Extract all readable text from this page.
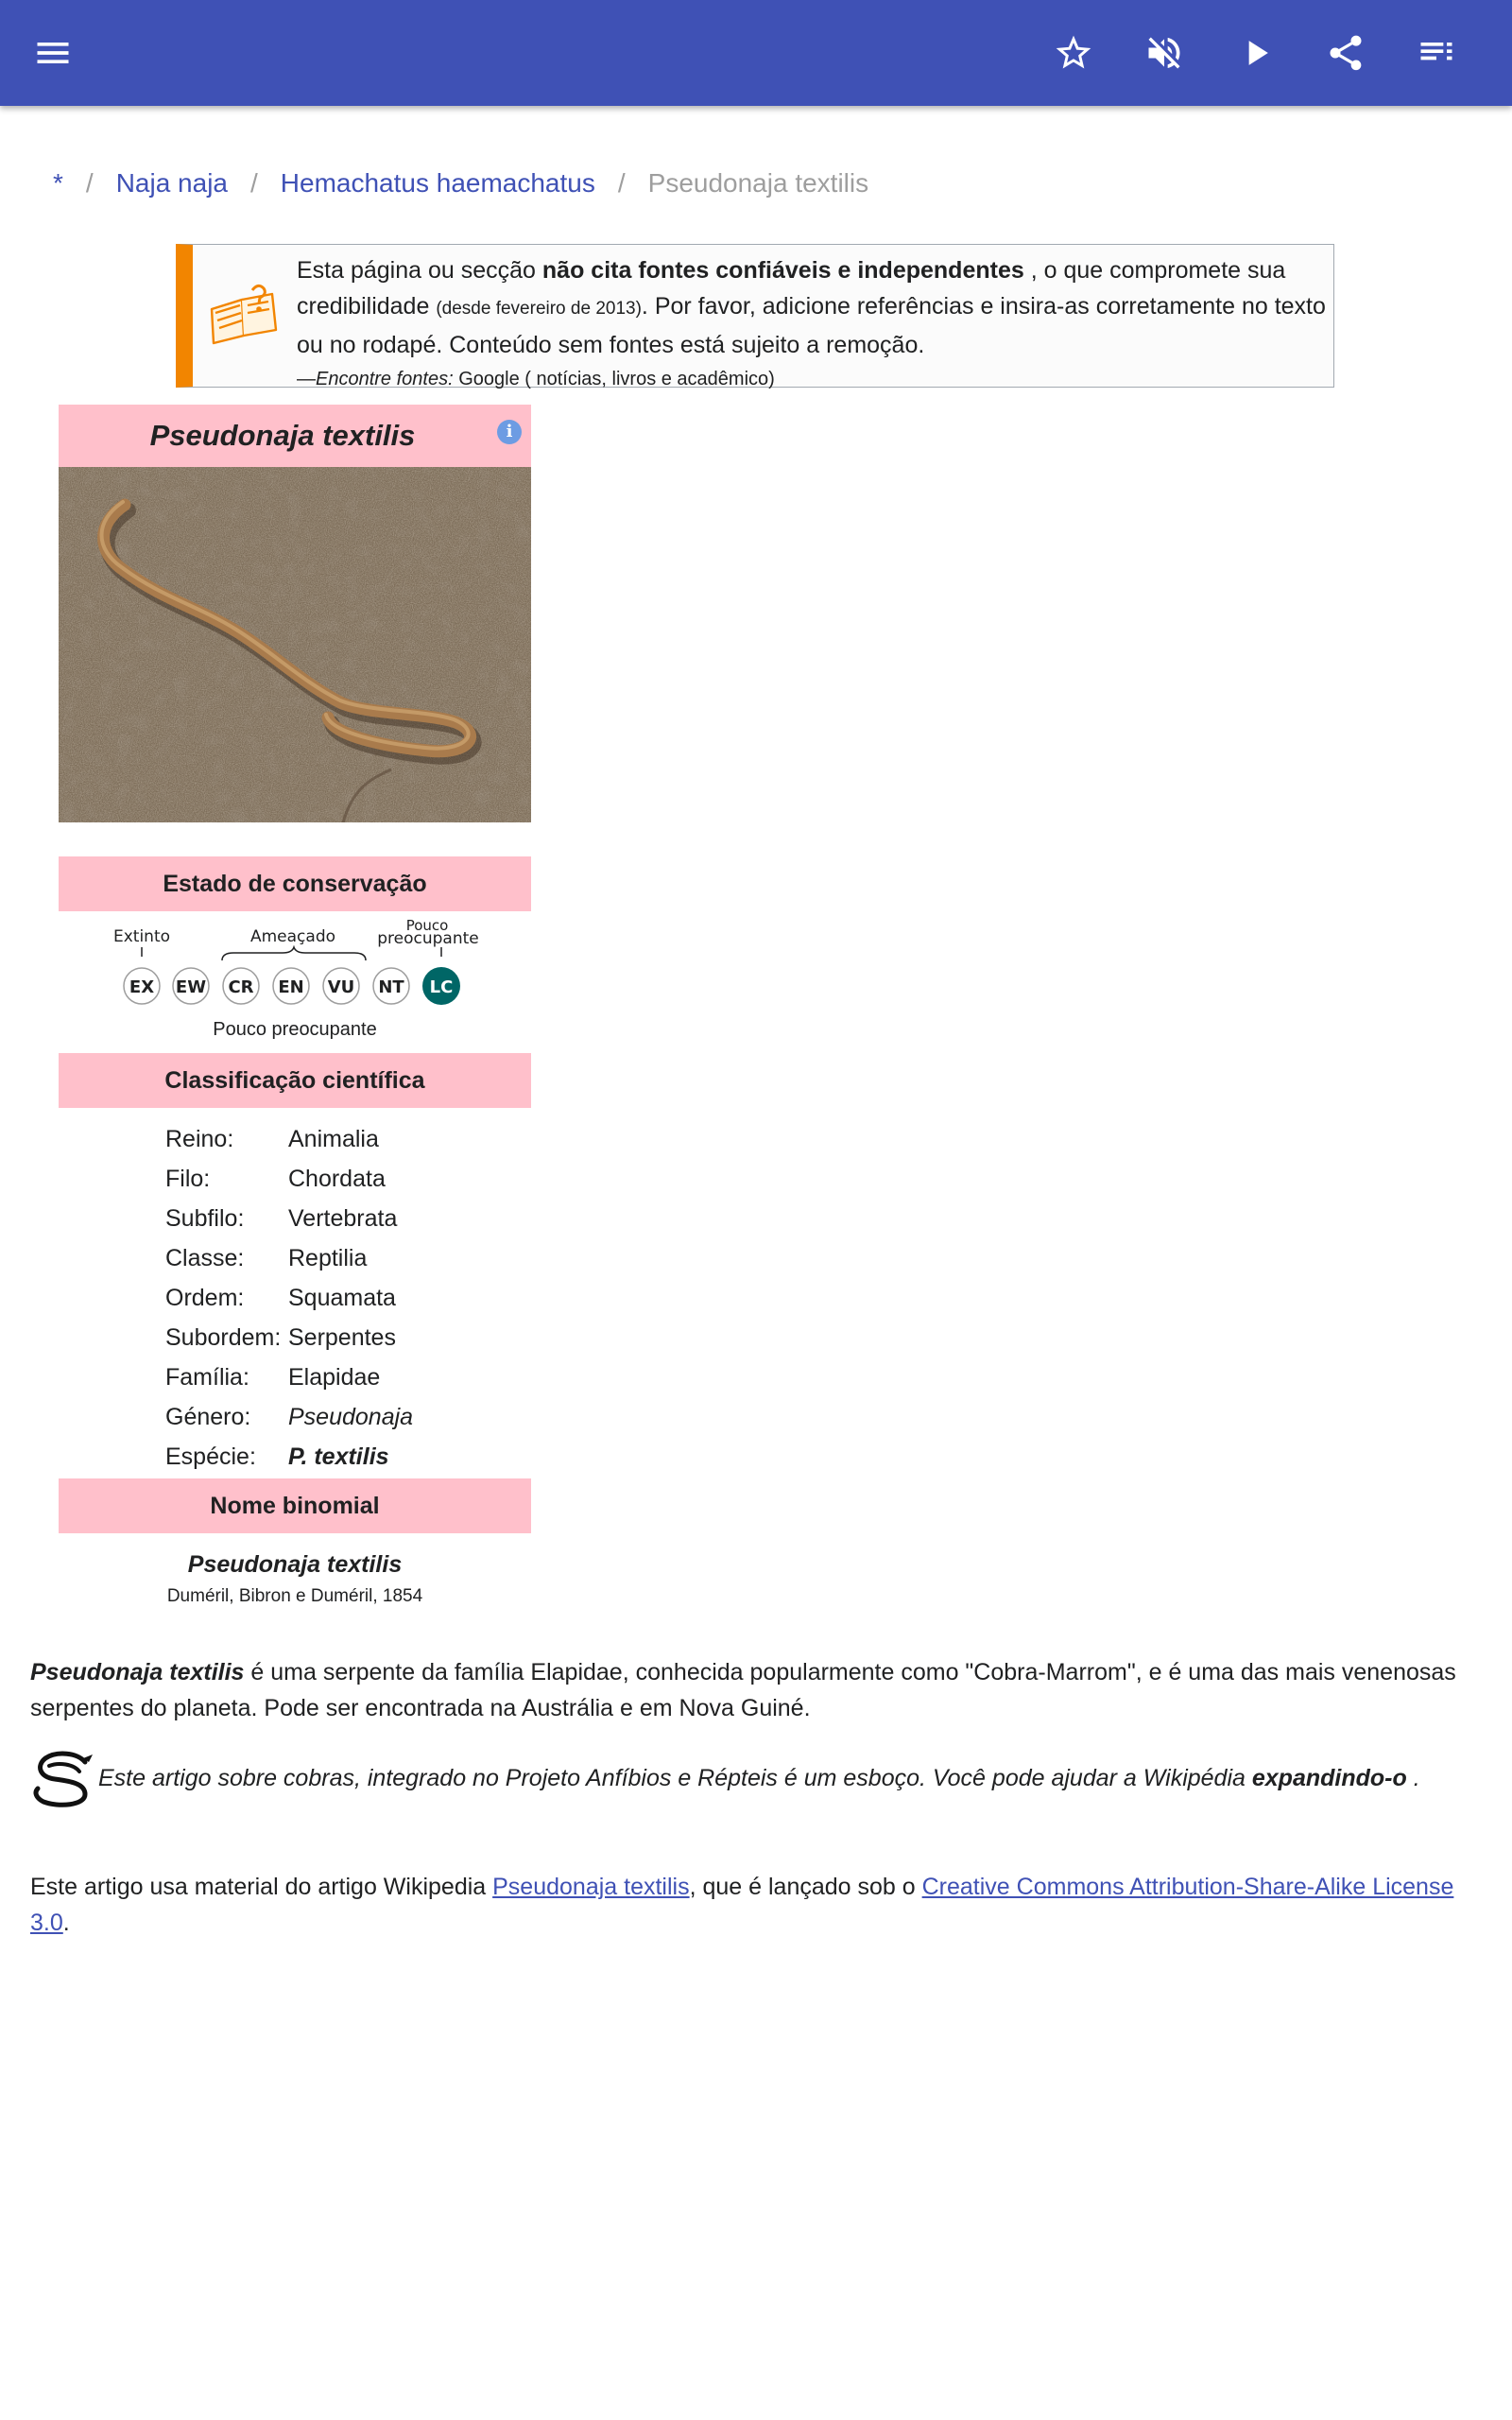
* / Naja naja / Hemachatus haemachatus / Pseudonaja textilis
Esta página ou secção não cita fontes confiáveis e independentes , o que compromete sua credibilidade (desde fevereiro de 2013). Por favor, adicione referências e insira-as corretamente no texto ou no rodapé. Conteúdo sem fontes está sujeito a remoção.
—Encontre fontes: Google ( notícias, livros e acadêmico)
Pseudonaja textilis	i
Estado de conservação
Extinto	Ameaçado
Pouco
preocupante
EX EW CR EN VU NT LC
Pouco preocupante
Classificação científica
Reino: Animalia
Filo:	Chordata
Subfilo: Vertebrata
Classe: Reptilia
Ordem: Squamata
Subordem: Serpentes
Família: Elapidae
Género: Pseudonaja
Espécie: P. textilis
Nome binomial
Pseudonaja textilis
Duméril, Bibron e Duméril, 1854
Pseudonaja textilis é uma serpente da família Elapidae, conhecida popularmente como "Cobra-Marrom", e é uma das mais venenosas serpentes do planeta. Pode ser encontrada na Austrália e em Nova Guiné.
Este artigo sobre cobras, integrado no Projeto Anfíbios e Répteis é um esboço. Você pode ajudar a Wikipédia expandindo-o .
Este artigo usa material do artigo Wikipedia Pseudonaja textilis, que é lançado sob o Creative Commons Attribution-Share-Alike License 3.0.
